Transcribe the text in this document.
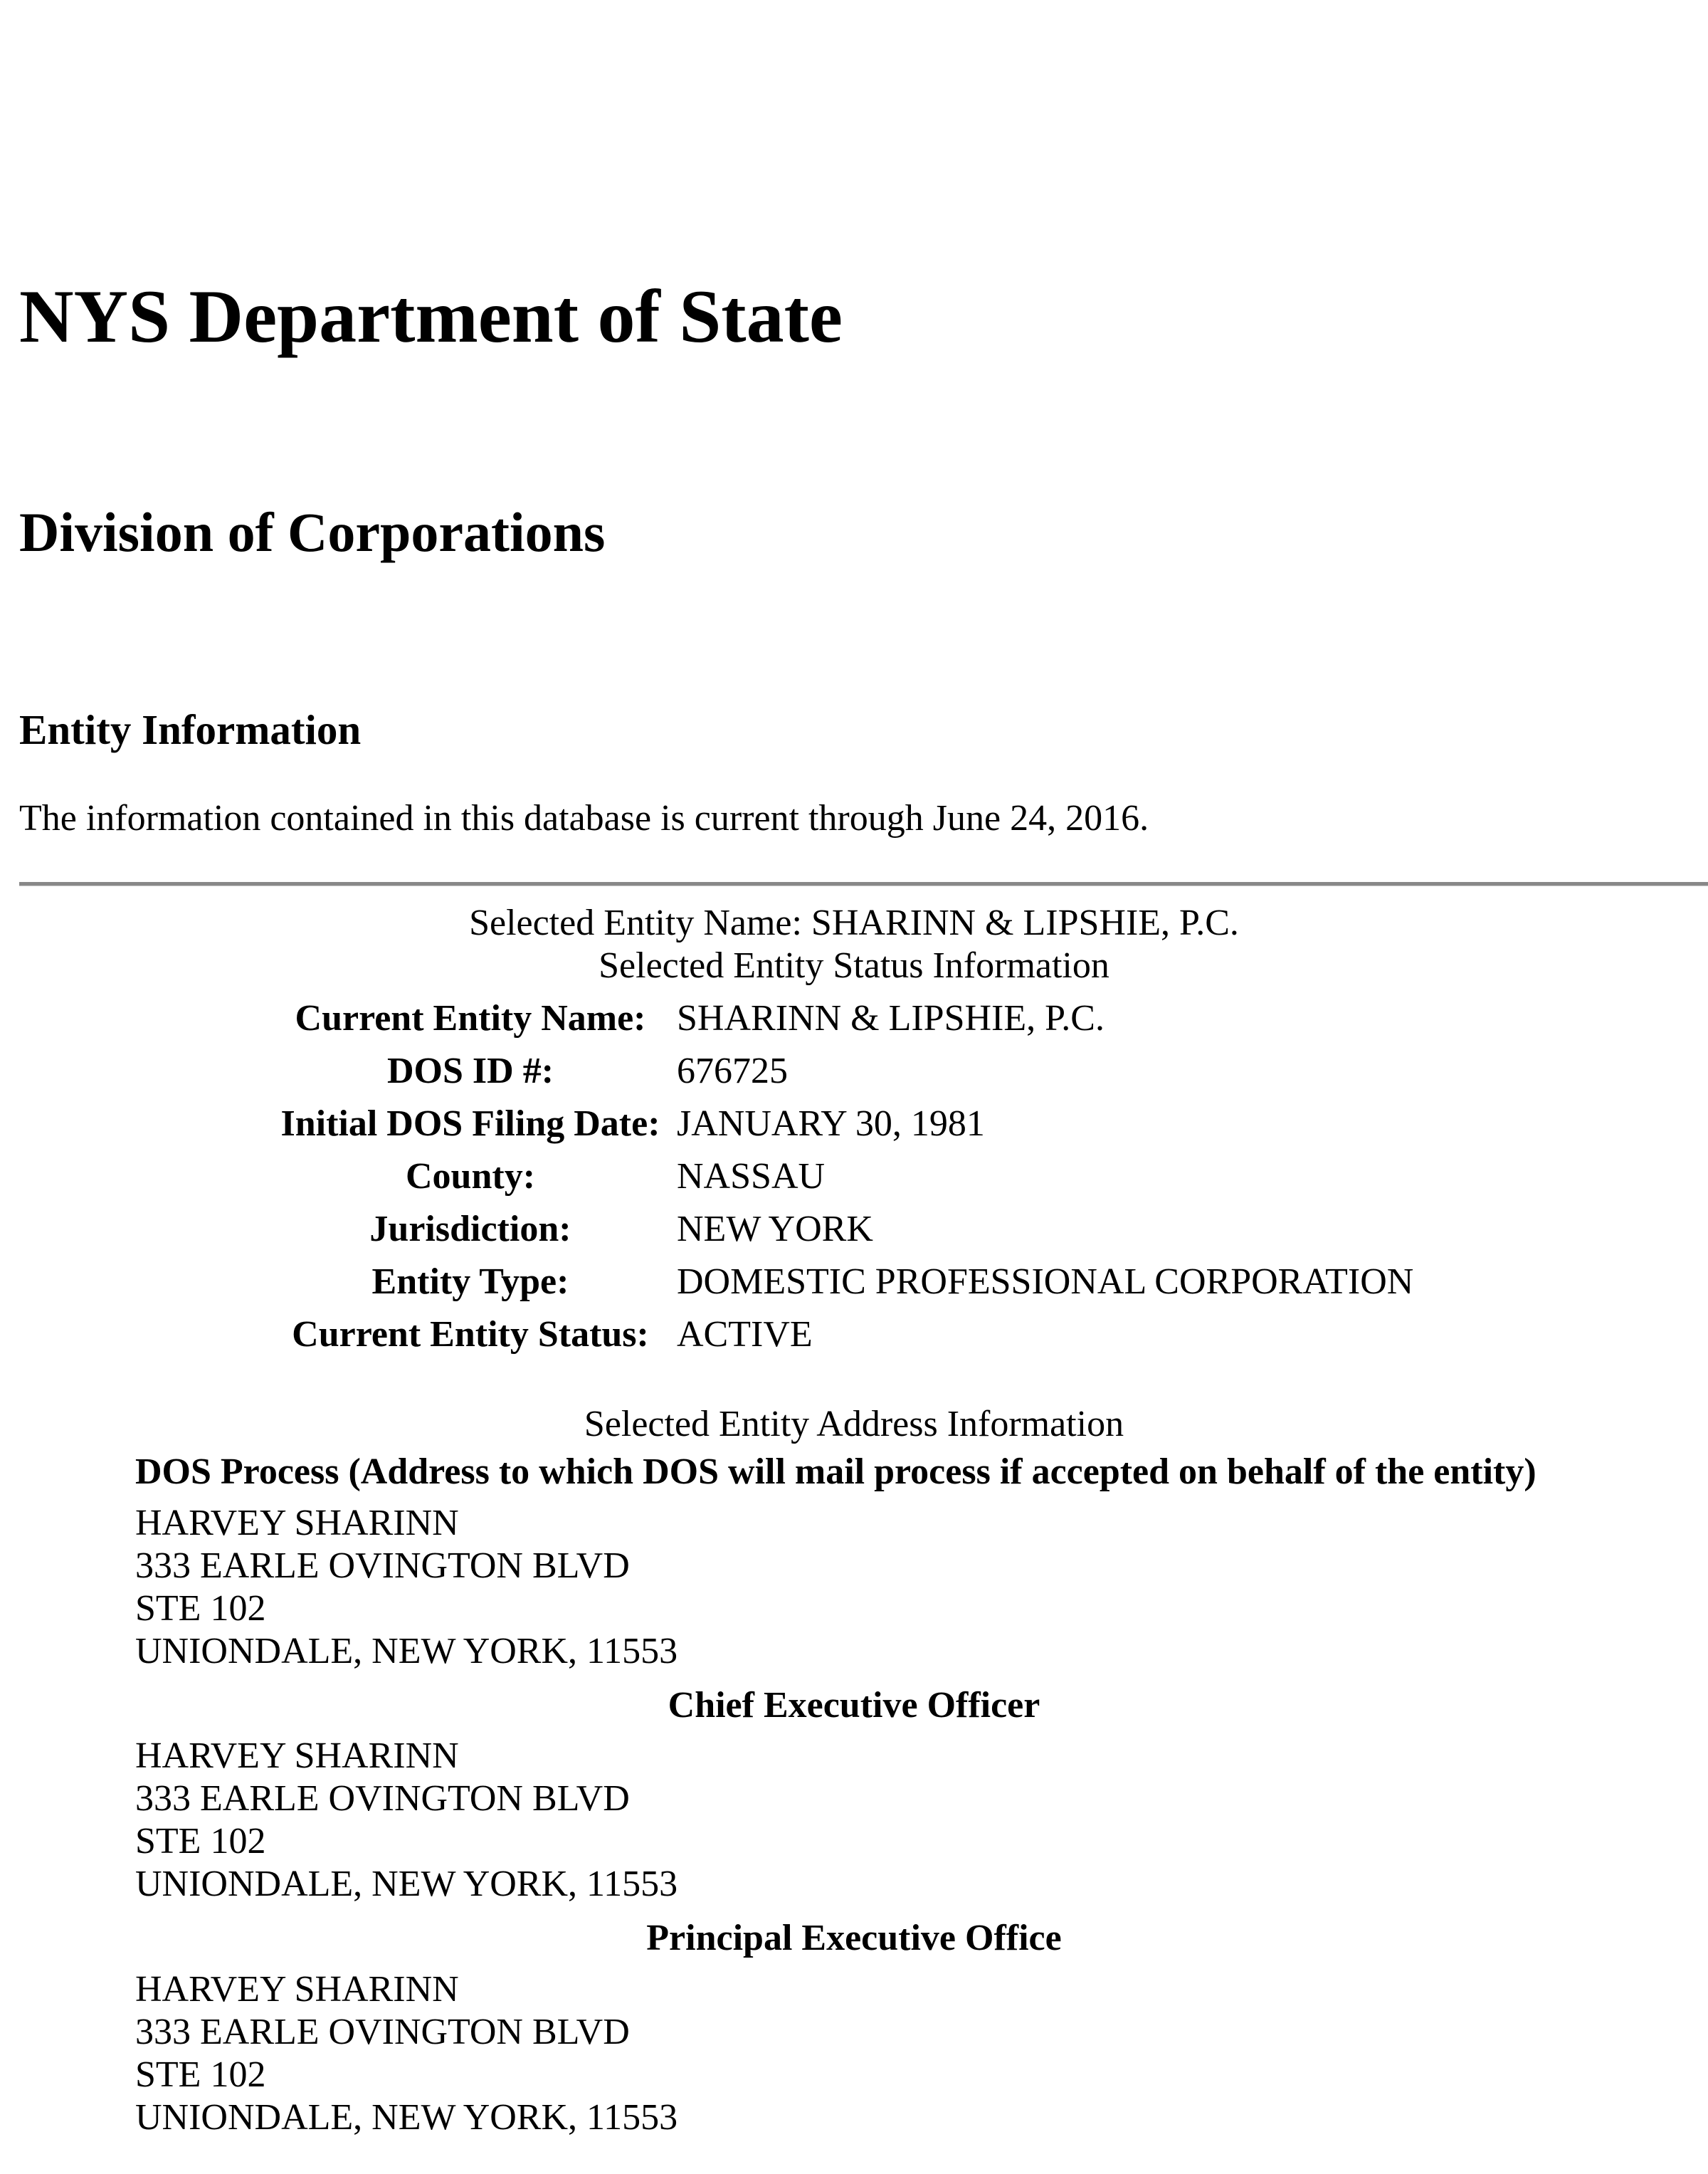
NYS Department of State
Division of Corporations
Entity Information
The information contained in this database is current through June 24, 2016.
Selected Entity Name: SHARINN & LIPSHIE, P.C.
Selected Entity Status Information
Current Entity Name:	SHARINN & LIPSHIE, P.C.
DOS ID #:	676725
Initial DOS Filing Date:	JANUARY 30, 1981
County:	NASSAU
Jurisdiction:	NEW YORK
Entity Type:	DOMESTIC PROFESSIONAL CORPORATION
Current Entity Status:	ACTIVE
Selected Entity Address Information
DOS Process (Address to which DOS will mail process if accepted on behalf of the entity)
HARVEY SHARINN
333 EARLE OVINGTON BLVD
STE 102
UNIONDALE, NEW YORK, 11553
Chief Executive Officer
HARVEY SHARINN
333 EARLE OVINGTON BLVD
STE 102
UNIONDALE, NEW YORK, 11553
Principal Executive Office
HARVEY SHARINN
333 EARLE OVINGTON BLVD
STE 102
UNIONDALE, NEW YORK, 11553
